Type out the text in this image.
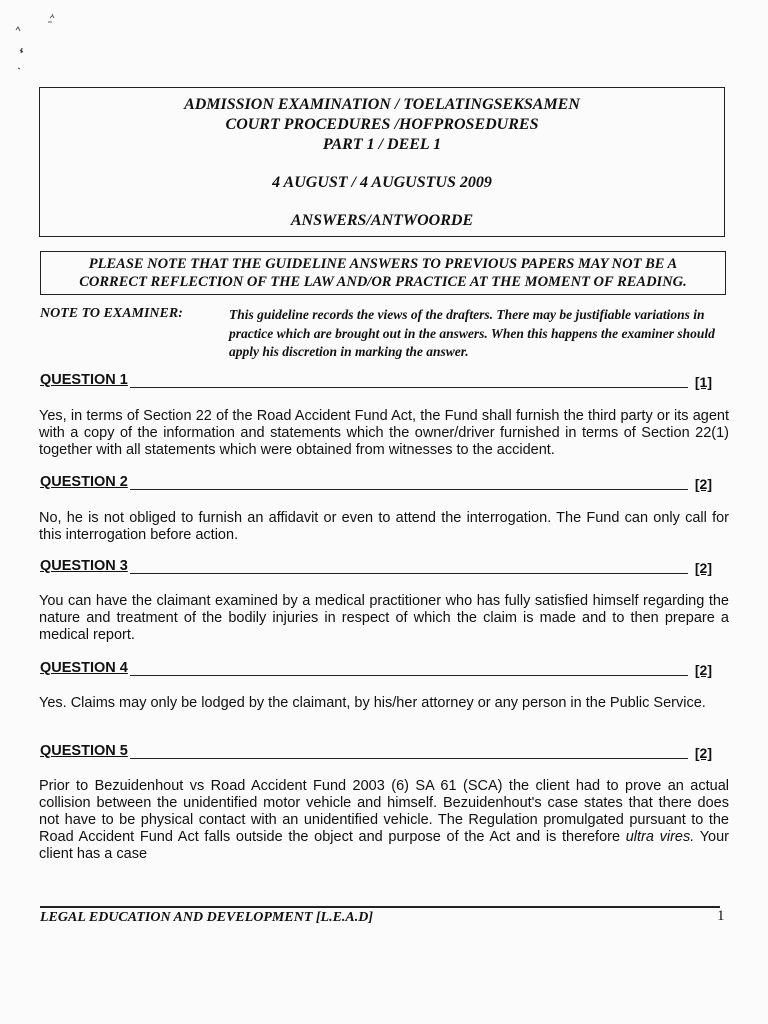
ADMISSION EXAMINATION / TOELATINGSEKSAMEN
COURT PROCEDURES /HOFPROSEDURES
PART 1 / DEEL 1
4 AUGUST / 4 AUGUSTUS 2009
ANSWERS/ANTWOORDE
PLEASE NOTE THAT THE GUIDELINE ANSWERS TO PREVIOUS PAPERS MAY NOT BE A
CORRECT REFLECTION OF THE LAW AND/OR PRACTICE AT THE MOMENT OF READING.
NOTE TO EXAMINER:	This guideline records the views of the drafters. There may be justifiable variations in practice which are brought out in the answers. When this happens the examiner should apply his discretion in marking the answer.
QUESTION 1	[1]
Yes, in terms of Section 22 of the Road Accident Fund Act, the Fund shall furnish the third party or its agent with a copy of the information and statements which the owner/driver furnished in terms of Section 22(1) together with all statements which were obtained from witnesses to the accident.
QUESTION 2	[2]
No, he is not obliged to furnish an affidavit or even to attend the interrogation. The Fund can only call for this interrogation before action.
QUESTION 3	[2]
You can have the claimant examined by a medical practitioner who has fully satisfied himself regarding the nature and treatment of the bodily injuries in respect of which the claim is made and to then prepare a medical report.
QUESTION 4	[2]
Yes. Claims may only be lodged by the claimant, by his/her attorney or any person in the Public Service.
QUESTION 5	[2]
Prior to Bezuidenhout vs Road Accident Fund 2003 (6) SA 61 (SCA) the client had to prove an actual collision between the unidentified motor vehicle and himself. Bezuidenhout's case states that there does not have to be physical contact with an unidentified vehicle. The Regulation promulgated pursuant to the Road Accident Fund Act falls outside the object and purpose of the Act and is therefore ultra vires. Your client has a case
LEGAL EDUCATION AND DEVELOPMENT [L.E.A.D]	1
